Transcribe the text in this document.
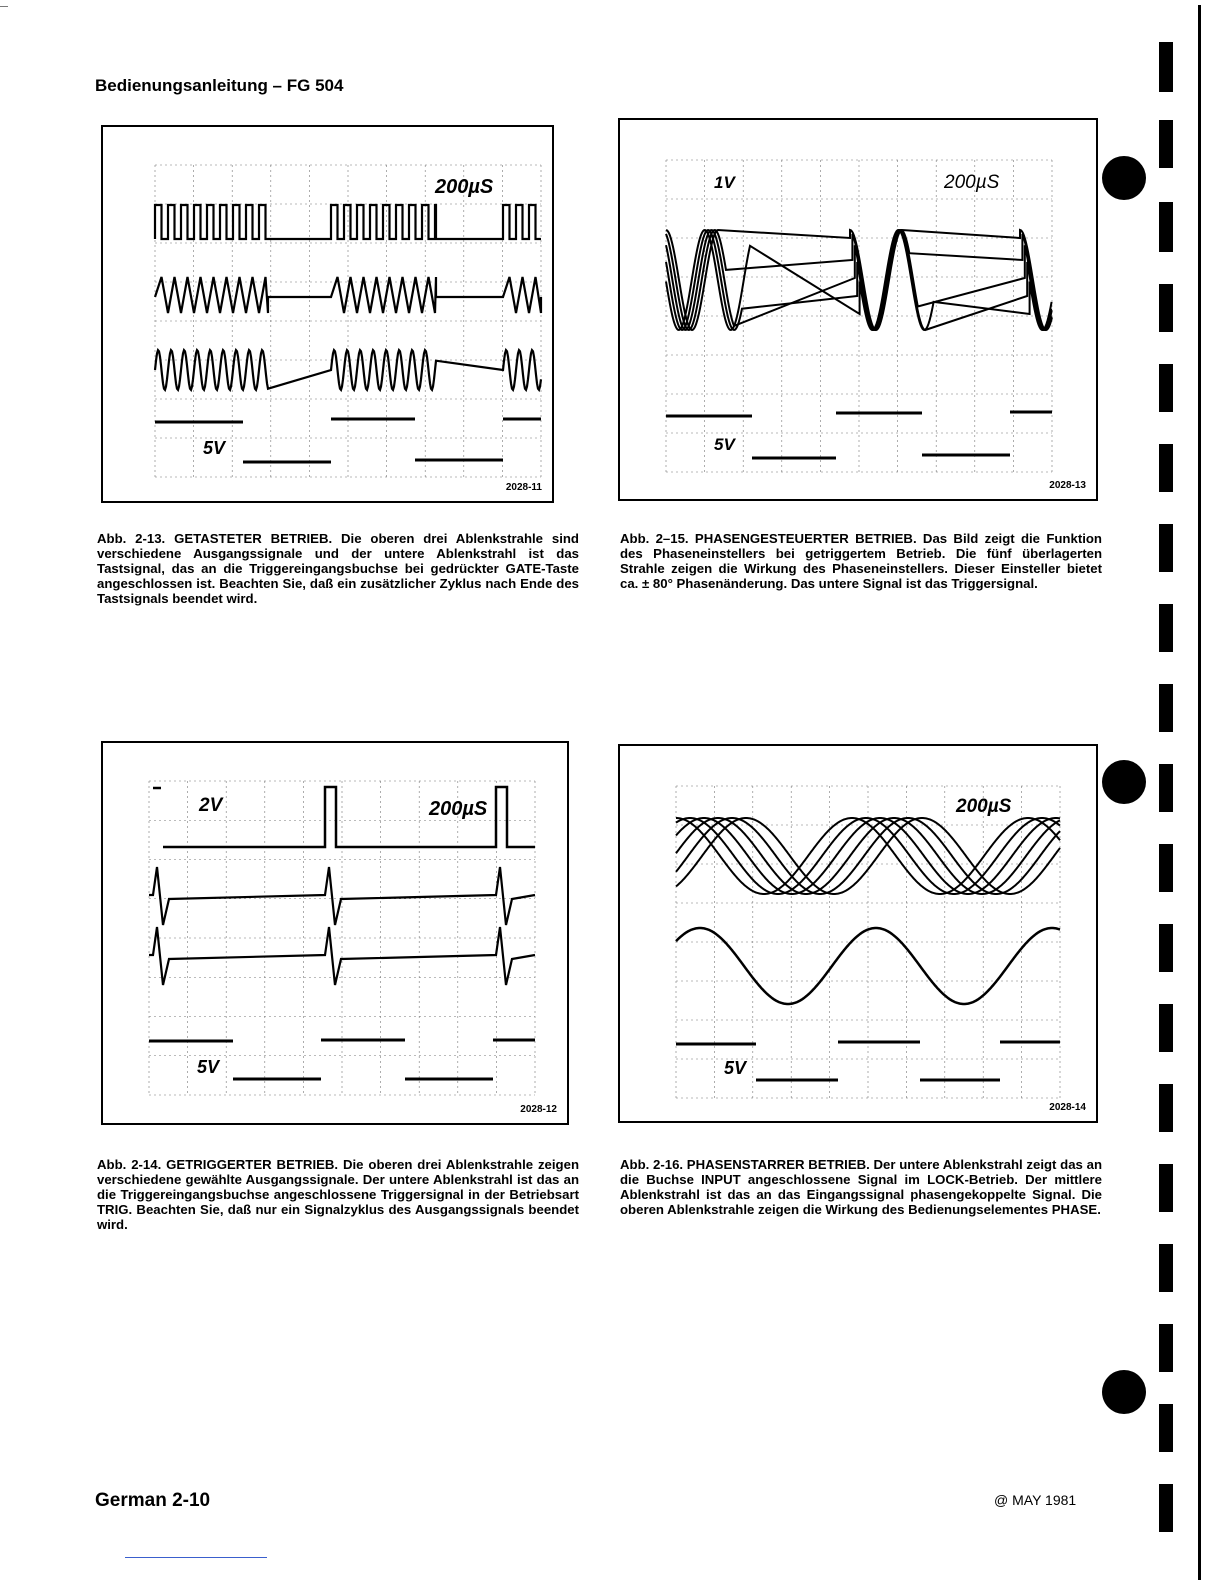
Bedienungsanleitung – FG 504
200µS
5V
2028-11
1V	200µS
5V
2028-13
2V	200µS
5V
2028-12
200µS
5V
2028-14
Abb. 2-13. GETASTETER BETRIEB. Die oberen drei Ablenkstrahle sind verschiedene Ausgangssignale und der untere Ablenkstrahl ist das Tastsignal, das an die Triggereingangsbuchse bei gedrückter GATE-Taste angeschlossen ist. Beachten Sie, daß ein zusätzlicher Zyklus nach Ende des Tastsignals beendet wird.
Abb. 2–15. PHASENGESTEUERTER BETRIEB. Das Bild zeigt die Funktion des Phaseneinstellers bei getriggertem Betrieb. Die fünf überlagerten Strahle zeigen die Wirkung des Phaseneinstellers. Dieser Einsteller bietet ca. ± 80° Phasenänderung. Das untere Signal ist das Triggersignal.
Abb. 2-14. GETRIGGERTER BETRIEB. Die oberen drei Ablenkstrahle zeigen verschiedene gewählte Ausgangssignale. Der untere Ablenkstrahl ist das an die Triggereingangsbuchse angeschlossene Triggersignal in der Betriebsart TRIG. Beachten Sie, daß nur ein Signalzyklus des Ausgangssignals beendet wird.
Abb. 2-16. PHASENSTARRER BETRIEB. Der untere Ablenkstrahl zeigt das an die Buchse INPUT angeschlossene Signal im LOCK-Betrieb. Der mittlere Ablenkstrahl ist das an das Eingangssignal phasengekoppelte Signal. Die oberen Ablenkstrahle zeigen die Wirkung des Bedienungselementes PHASE.
German 2-10	@ MAY 1981
